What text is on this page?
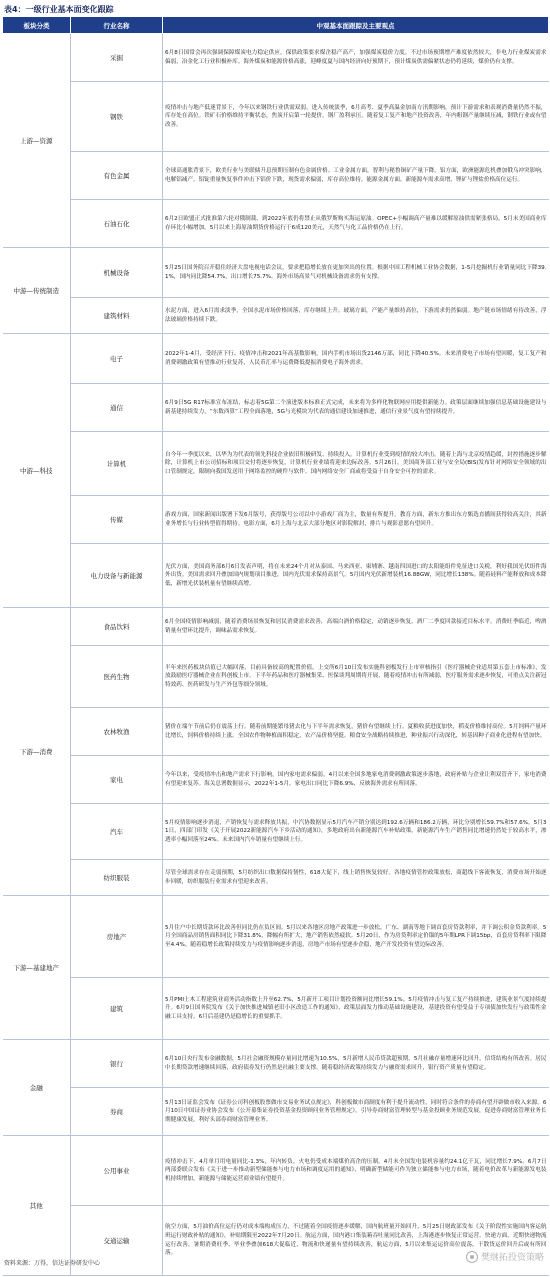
表4：一级行业基本面变化跟踪
板块分类	行业名称	中观基本面跟踪及主要观点
上游—资源	采掘	6月8日国常会再次强调保障煤炭电力稳定供应。保供政策要求煤企稳产高产，加强煤炭稳价力度。不过市场预期增产难度依然较大，非电力行业煤炭需求偏弱，冶金化工行业积极补库。海外煤炭和能源价格高涨，迎峰度夏与国内经济向好预期下，预计煤炭供需偏紧状态仍将延续，煤价仍有支撑。
	钢铁	疫情冲击与地产低迷背景下，今年以来钢铁行业供需双弱。进入传统淡季，6月高考、夏季高温金加南方汛期影响，预计下游需求和表观消费量仍然不振，库存处在高位。铁矿石价格维持平衡状态，焦炭开启第一轮提价，钢厂盈利承压。随着复工复产和地产投资改善，年内粗钢产量继续压减，钢铁行业或有望改善。
	有色金属	全球高通胀背景下，欧美行业与美联储升息预期压制有色金属价格。工业金属方面，智利与秘鲁铜矿产量下降。铝方面，欧洲能源危机叠加俄乌冲突影响，电解铝减产。铝锭重量恢复事件冲击下铝价下跌，现货需求偏弱，库存高位维持。能源金属方面，新能源车需求高增，锂矿与锂盐价格高位运行。
	石油石化	6月2日欧盟正式批准第六轮对俄制裁，到2022年底仍将禁止从俄罗斯购买海运原油。OPEC+小幅调高产量难以缓解原油供需紧张格局。5月末美国商业库存环比小幅增加。5月以来上海原油期货价格运行于6成120美元，天然气与化工品价格仍在上行。
中游—传统制造	机械设备	5月25日国务院召开稳住经济大盘电视电话会议，要求把稳增长放在更加突出的位置。根据中国工程机械工业协会数据，1-5月挖掘机行业销量同比下降39.1%，国内同比降54.7%，出口增长75.7%。海外市场高景气对机械设备需求仍有支撑。
	建筑材料	水泥方面，进入6月需求淡季，全国水泥市场价格回落，库存继续上升。玻璃方面，产能产量维持高位，下游需求仍然偏弱。地产链市场情绪有待改善，浮法玻璃价格持续下跌。
中游—科技	电子	2022年1-4月，受经济下行、疫情冲击和2021年高基数影响，国内手机市场出货2146万部，同比下降40.5%。未来消费电子市场有望回暖，复工复产和消费刺激政策有望推动行业复苏，人民币汇率与运费降低提振消费电子海外需求。
	通信	6月9日5G R17标准宣布冻结，标志着5G第二个演进版本标准正式完成，未来将为多样化物联网应用提供新能力。政策层面继续加强信息基础设施建设与新基建持续发力，“东数西算”工程全面落地，5G与光模块为代表的通信建设加速推进，通信行业景气度有望持续提升。
	计算机	自今年一季度以来，以华为为代表的领先科技企业依旧积极研发、持续投入。计算机行业受到疫情的较大冲击。随着上海与北京疫情趋缓，封控措施逐步解除，计算机上市公司招标和项目交付将逐步恢复，计算机行业业绩将迎来边际改善。5月26日，美国商务部工业与安全局(BIS)发布针对网络安全领域的出口管制规定，限制向我国发送用于网络监控的硬件与软件。国内网络安全厂商或将受益于自身安全可控的需求。
	传媒	游戏方面，国家新闻出版署下发6月版号，获得版号公司以中小游戏厂商为主，数量有所提升。教育方面，新东方推出东方甄选直播间获得较高关注，其新业务增长与行业转型值得期待。电影方面，6月上海与北京大部分地区对影院解封，排片与观影意愿有望回升。
	电力设备与新能源	光伏方面，美国商务部6月6日发表声明，将在未来24个月对从泰国、马来西亚、柬埔寨、越南四国进口的太阳能组件免征进口关税，利好我国光伏组件海外出货。美国需求回升叠加国内规划项目推进，国内光伏需求保持高景气。5月国内光伏新增装机16.88GW，同比增长138%。随着硅料产能释放和成本降低，新增光伏装机量有望继续高增。
下游—消费	食品饮料	6月全国疫情影响减弱，随着消费场景恢复和居民消费需求改善，高端白酒价格稳定，动销逐步恢复。酒厂二季度回款接近目标水平。消费旺季临近，啤酒销量有望环比提升，调味品需求恢复。
	医药生物	半年来医药板块估值已大幅回落，目前具备较高的配置价值。上交所6月10日发布实施科创板发行上市审核指引《医疗器械企业适用第五套上市标准》，发放鼓励医疗器械企业在科创板上市。下半年药品和医疗器械集采、医保谈判周期将开展，随着疫情冲击有所减弱，医疗服务需求逐步恢复，可重点关注新冠特效药、医药研发与生产外包等细分领域。
	农林牧渔	猪价在端午节前后仍在震荡上行。随着前期能繁母猪去化与下半年需求恢复，猪价有望继续上行。夏粮收获进度加快，稻麦价格维持高位。5月饲料产量环比增长，饲料价格持续上涨。全国农作物种植面积稳定，农产品价格坚挺。粮食安全战略持续推进，种业振兴行动深化，转基因种子商业化进程有望加快。
	家电	今年以来，受疫情冲击和地产需求下行影响，国内家电需求偏弱。4月以来全国多地家电消费刺激政策逐步落地，政府补贴与企业让利双管齐下，家电消费有望迎来复苏。海关总署数据显示，2022年1-5月，家电出口同比下降6.9%，反映海外需求有所回落。
	汽车	5月疫情影响逐步消退，产销恢复与需求释放共振，中汽协数据显示5月汽车产销分别达到192.6万辆和186.2万辆，环比分别增长59.7%和57.6%。5月31日，四部门印发《关于开展2022新能源汽车下乡活动的通知》，多地政府出台新能源汽车补贴政策。新能源汽车生产销售同比增速仍然处于较高水平，渗透率小幅回落至24%。未来国内汽车销量有望继续上行。
	纺织服装	尽管全球需求存在走弱预期，5月纺织出口数据保持韧性，618大促下，线上销售恢复较好。各地疫情管控政策放松，商超线下客流恢复，消费市场开始逐步回暖，纺织服装行业需求有望迎来改善。
下游—基建地产	房地产	5月住户中长期贷款环比改善但同比仍在负区间。5月以来各地区房地产政策进一步放松，广东、湖南等地下调首套房贷款利率，并下调公积金贷款利率。5月全国商品房销售面积同比下降31.8%，降幅有所扩大，地产销售依然疲软。5月20日，作为房贷利率定价锚的5年期LPR下调15bp，首套房贷利率下限降至4.4%。随着稳增长政策持续发力与疫情影响逐步消退，房地产市场有望逐步企稳，地产开发投资有望边际改善。
	建筑	5月PMI土木工程建筑业商务活动指数上升至62.7%，5月新开工项目计划投资额同比增长59.1%。5月疫情冲击与复工复产持续推进，建筑业景气度持续提升。6月9日国务院发布《关于加快推进城镇老旧小区改造工作的通知》，政策层面发力推动基础设施建设，基建投资有望受益于专项债加快发行与政策性金融工具支持。6月后基建仍是稳增长的重要抓手。
金融	银行	6月10日央行发布金融数据，5月社会融资规模存量同比增速为10.5%，5月新增人民币贷款超预期，5月社融存量增速环比回升，信贷结构有所改善。居民中长期贷款增速继续回落，政府债券发行仍然是社融主要支撑。随着稳经济政策持续发力与融资需求回升，银行资产质量有望稳定。
	券商	5月13日证监会发布《证券公司科创板股票做市交易业务试点规定》，科创板做市商制度有利于提升流动性，同时符合条件的券商有望开辟做市收入来源。6月10日中国证券业协会发布《公开募集证券投资基金投资顾问业务管理规定》，引导券商财富管理转型与基金投顾业务规范发展，促进券商财富管理业务长期健康发展，利好头部券商财富管理业务。
其他	公用事业	疫情冲击下，4月单月用电量同比-1.3%，年内转负。火电仍受成本端煤价高企的压制，4月末全国发电装机容量约24.1亿千瓦，同比增长7.9%。6月7日两部委联合发布《关于进一步推动新型储能参与电力市场和调度运用的通知》，明确新型储能可作为独立储能参与电力市场，随着电价改革与新能源发电装机持续增加，新能源与储能运营商业绩有望提升。
	交通运输	航空方面，5月油价高位运行仍对成本端构成压力，不过随着全国疫情逐步缓解，国内航班量开始回升，5月25日财政部发布《关于阶段性实施国内客运航班运行财政补贴的通知》，补贴期限至2022年7月20日。航运方面，国内港口集装箱吞吐量同比改善，上海港逐步恢复正常运营。快递方面，近期快递物流运行改善，暑期消费旺季、毕业季叠加618大促临近，物流和快递量有望持续改善，航运方面，5月以来集运运价高位震荡，干散货运价回升后或有所回落。
资料来源：万得，信达证券研发中心
樊继拓投资策略
